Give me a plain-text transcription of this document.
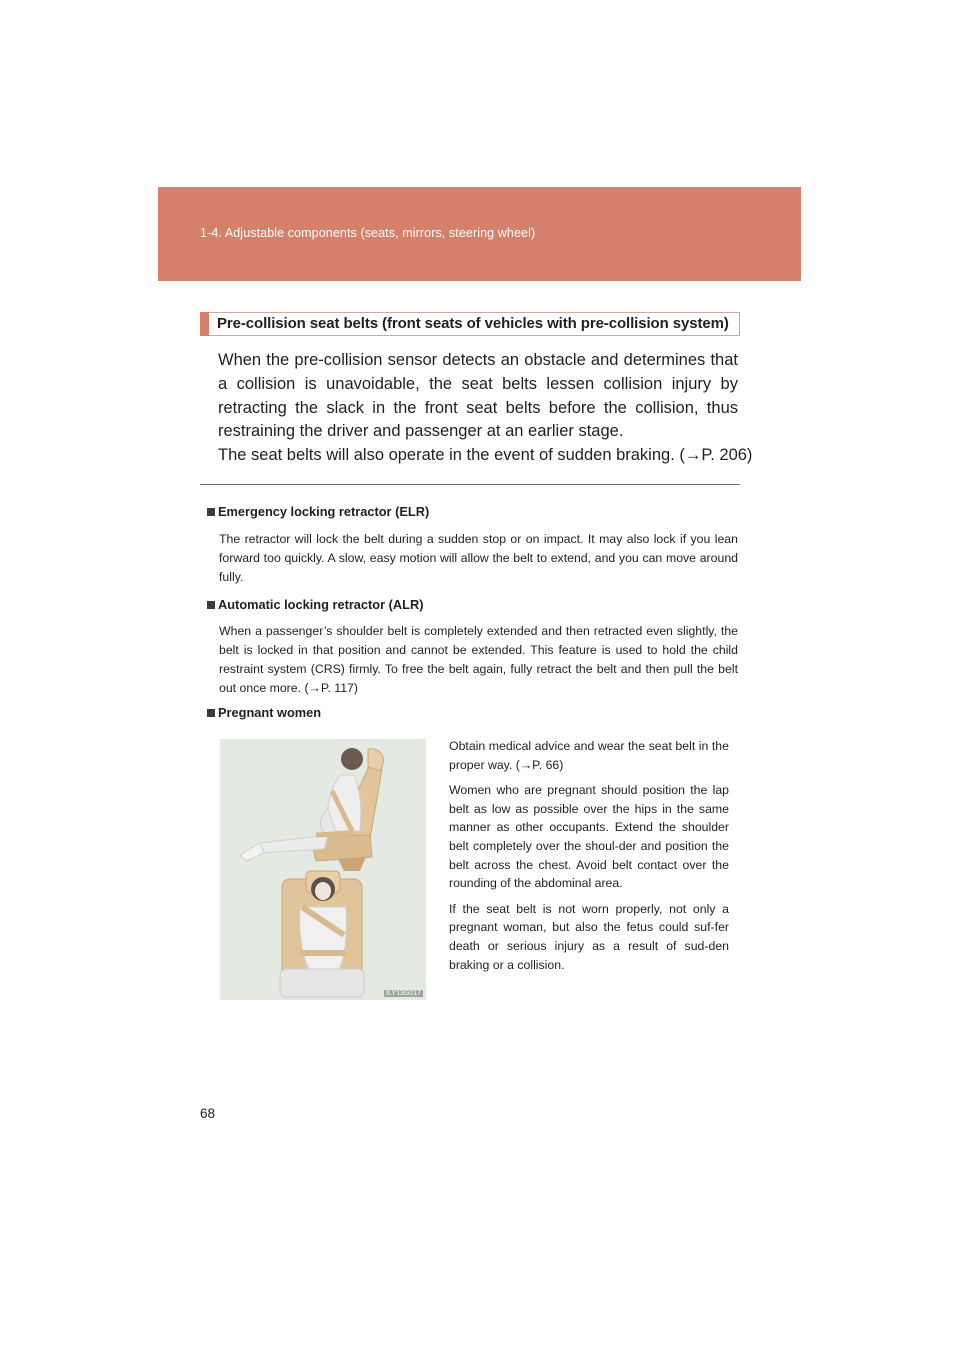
1-4. Adjustable components (seats, mirrors, steering wheel)
Pre-collision seat belts (front seats of vehicles with pre-collision system)

When the pre-collision sensor detects an obstacle and determines that a collision is unavoidable, the seat belts lessen collision injury by retracting the slack in the front seat belts before the collision, thus restraining the driver and passenger at an earlier stage.

The seat belts will also operate in the event of sudden braking. (→P. 206)

Emergency locking retractor (ELR)
The retractor will lock the belt during a sudden stop or on impact. It may also lock if you lean forward too quickly. A slow, easy motion will allow the belt to extend, and you can move around fully.
Automatic locking retractor (ALR)
When a passenger’s shoulder belt is completely extended and then retracted even slightly, the belt is locked in that position and cannot be extended. This feature is used to hold the child restraint system (CRS) firmly. To free the belt again, fully retract the belt and then pull the belt out once more. (→P. 117)
Pregnant women
ILY13G017

Obtain medical advice and wear the seat belt in the proper way. (→P. 66)

Women who are pregnant should position the lap belt as low as possible over the hips in the same manner as other occupants. Extend the shoulder belt completely over the shoul-der and position the belt across the chest. Avoid belt contact over the rounding of the abdominal area.

If the seat belt is not worn properly, not only a pregnant woman, but also the fetus could suf-fer death or serious injury as a result of sud-den braking or a collision.

68
